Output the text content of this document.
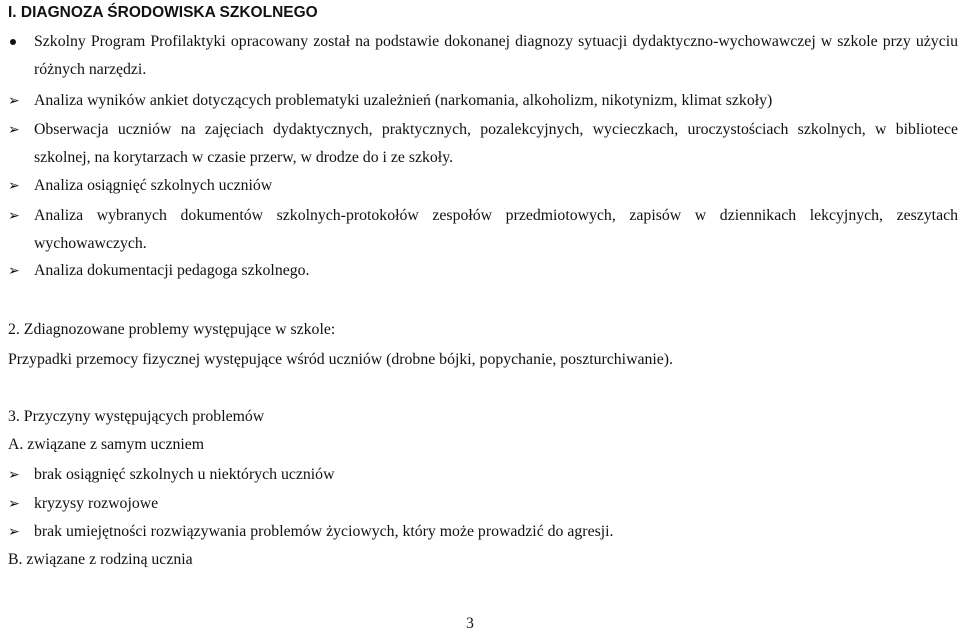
I. DIAGNOZA ŚRODOWISKA SZKOLNEGO
Szkolny Program Profilaktyki opracowany został na podstawie dokonanej diagnozy sytuacji dydaktyczno-wychowawczej w szkole przy użyciu różnych narzędzi.
➢ Analiza wyników ankiet dotyczących problematyki uzależnień (narkomania, alkoholizm, nikotynizm, klimat szkoły)
➢ Obserwacja uczniów na zajęciach dydaktycznych, praktycznych, pozalekcyjnych, wycieczkach, uroczystościach szkolnych, w bibliotece szkolnej, na korytarzach w czasie przerw, w drodze do i ze szkoły.
➢ Analiza osiągnięć szkolnych uczniów
➢ Analiza wybranych dokumentów szkolnych-protokołów zespołów przedmiotowych, zapisów w dziennikach lekcyjnych, zeszytach wychowawczych.
➢ Analiza dokumentacji pedagoga szkolnego.
2. Zdiagnozowane problemy występujące w szkole:
Przypadki przemocy fizycznej występujące wśród uczniów (drobne bójki, popychanie, poszturchiwanie).
3. Przyczyny występujących problemów
A. związane z samym uczniem
➢ brak osiągnięć szkolnych u niektórych uczniów
➢ kryzysy rozwojowe
➢ brak umiejętności rozwiązywania problemów życiowych, który może prowadzić do agresji.
B. związane z rodziną ucznia
3
